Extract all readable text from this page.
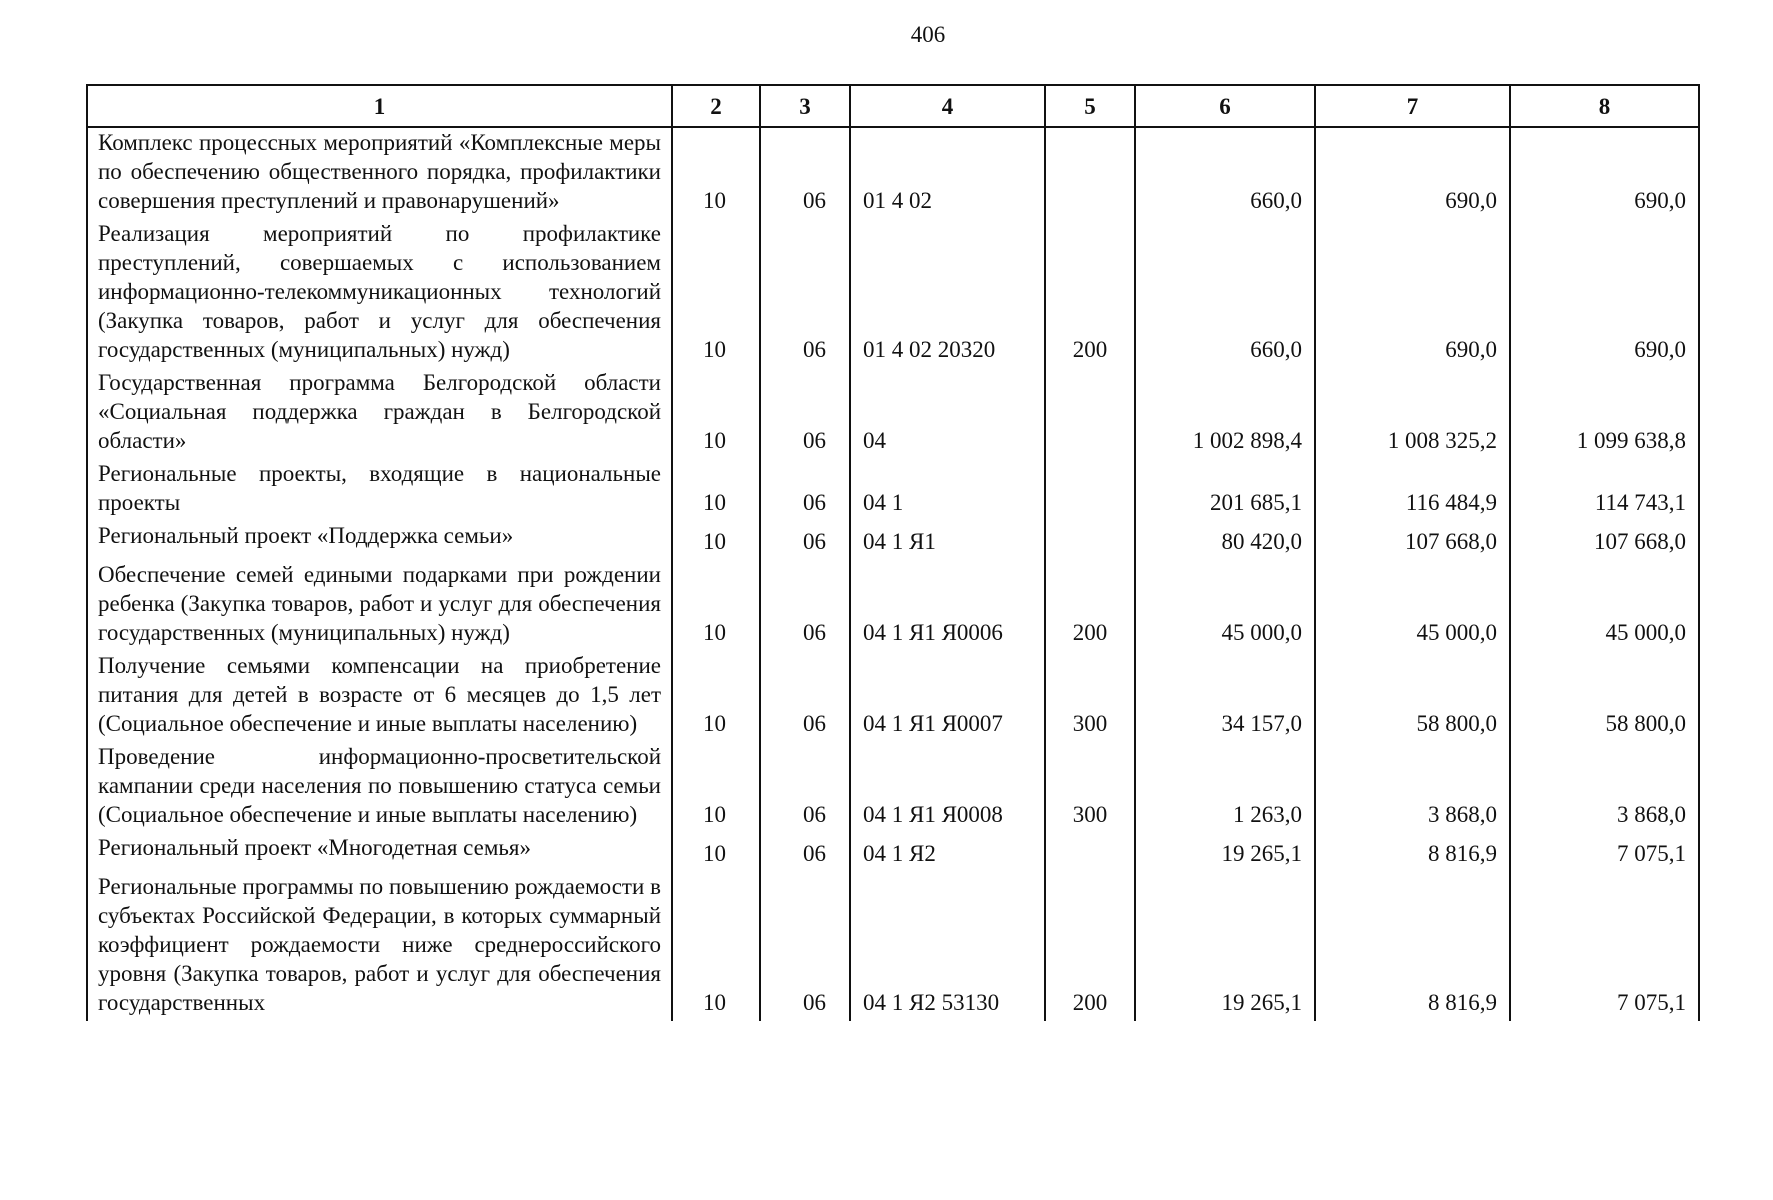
406
1	2	3	4	5	6	7	8
Комплекс процессных мероприятий «Комплексные меры по обеспечению общественного порядка, профилактики совершения преступлений и правонарушений»	10	06	01 4 02		660,0	690,0	690,0
Реализация мероприятий по профилактике преступлений, совершаемых с использованием информационно-телекоммуникационных технологий (Закупка товаров, работ и услуг для обеспечения государственных (муниципальных) нужд)	10	06	01 4 02 20320	200	660,0	690,0	690,0
Государственная программа Белгородской области «Социальная поддержка граждан в Белгородской области»	10	06	04		1 002 898,4	1 008 325,2	1 099 638,8
Региональные проекты, входящие в национальные проекты	10	06	04 1		201 685,1	116 484,9	114 743,1
Региональный проект «Поддержка семьи»	10	06	04 1 Я1		80 420,0	107 668,0	107 668,0
Обеспечение семей едиными подарками при рождении ребенка (Закупка товаров, работ и услуг для обеспечения государственных (муниципальных) нужд)	10	06	04 1 Я1 Я0006	200	45 000,0	45 000,0	45 000,0
Получение семьями компенсации на приобретение питания для детей в возрасте от 6 месяцев до 1,5 лет (Социальное обеспечение и иные выплаты населению)	10	06	04 1 Я1 Я0007	300	34 157,0	58 800,0	58 800,0
Проведение информационно-просветительской кампании среди населения по повышению статуса семьи (Социальное обеспечение и иные выплаты населению)	10	06	04 1 Я1 Я0008	300	1 263,0	3 868,0	3 868,0
Региональный проект «Многодетная семья»	10	06	04 1 Я2		19 265,1	8 816,9	7 075,1
Региональные программы по повышению рождаемости в субъектах Российской Федерации, в которых суммарный коэффициент рождаемости ниже среднероссийского уровня (Закупка товаров, работ и услуг для обеспечения государственных	10	06	04 1 Я2 53130	200	19 265,1	8 816,9	7 075,1
